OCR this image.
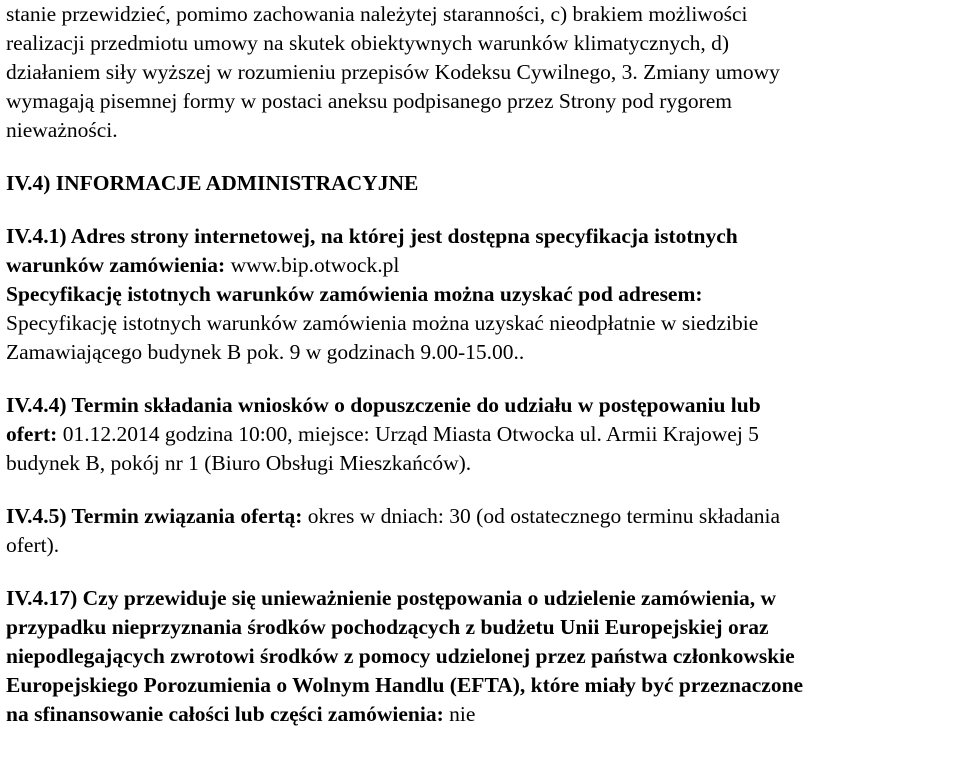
stanie przewidzieć, pomimo zachowania należytej staranności, c) brakiem możliwości

realizacji przedmiotu umowy na skutek obiektywnych warunków klimatycznych, d)

działaniem siły wyższej w rozumieniu przepisów Kodeksu Cywilnego, 3. Zmiany umowy

wymagają pisemnej formy w postaci aneksu podpisanego przez Strony pod rygorem

nieważności.

IV.4) INFORMACJE ADMINISTRACYJNE

IV.4.1) Adres strony internetowej, na której jest dostępna specyfikacja istotnych

warunków zamówienia: www.bip.otwock.pl

Specyfikację istotnych warunków zamówienia można uzyskać pod adresem:

Specyfikację istotnych warunków zamówienia można uzyskać nieodpłatnie w siedzibie

Zamawiającego budynek B pok. 9 w godzinach 9.00-15.00..

IV.4.4) Termin składania wniosków o dopuszczenie do udziału w postępowaniu lub

ofert: 01.12.2014 godzina 10:00, miejsce: Urząd Miasta Otwocka ul. Armii Krajowej 5

budynek B, pokój nr 1 (Biuro Obsługi Mieszkańców).

IV.4.5) Termin związania ofertą: okres w dniach: 30 (od ostatecznego terminu składania

ofert).

IV.4.17) Czy przewiduje się unieważnienie postępowania o udzielenie zamówienia, w

przypadku nieprzyznania środków pochodzących z budżetu Unii Europejskiej oraz

niepodlegających zwrotowi środków z pomocy udzielonej przez państwa członkowskie

Europejskiego Porozumienia o Wolnym Handlu (EFTA), które miały być przeznaczone

na sfinansowanie całości lub części zamówienia: nie
